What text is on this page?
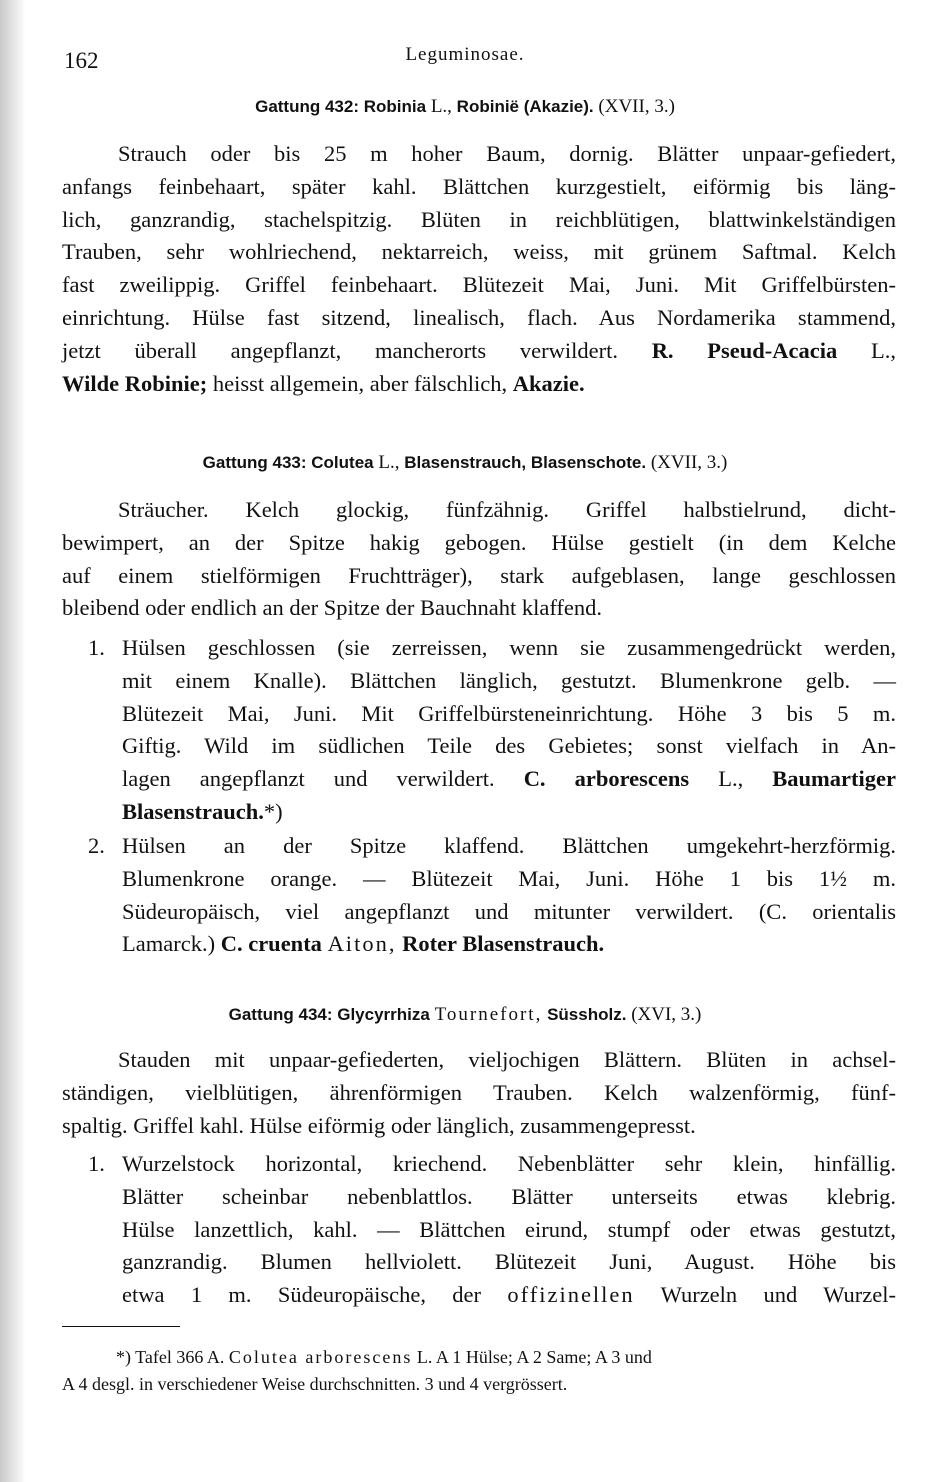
162	Leguminosae.
Gattung 432: Robinia L., Robiniё (Akazie). (XVII, 3.)
Strauch oder bis 25 m hoher Baum, dornig. Blätter unpaar-gefiedert,
anfangs feinbehaart, später kahl. Blättchen kurzgestielt, eiförmig bis läng-
lich, ganzrandig, stachelspitzig. Blüten in reichblütigen, blattwinkelständigen
Trauben, sehr wohlriechend, nektarreich, weiss, mit grünem Saftmal. Kelch
fast zweilippig. Griffel feinbehaart. Blütezeit Mai, Juni. Mit Griffelbürsten-
einrichtung. Hülse fast sitzend, linealisch, flach. Aus Nordamerika stammend,
jetzt überall angepflanzt, mancherorts verwildert. R. Pseud-Acacia L.,
Wilde Robinie; heisst allgemein, aber fälschlich, Akazie.
Gattung 433: Colutea L., Blasenstrauch, Blasenschote. (XVII, 3.)
Sträucher. Kelch glockig, fünfzähnig. Griffel halbstielrund, dicht-
bewimpert, an der Spitze hakig gebogen. Hülse gestielt (in dem Kelche
auf einem stielförmigen Fruchtträger), stark aufgeblasen, lange geschlossen
bleibend oder endlich an der Spitze der Bauchnaht klaffend.
1. Hülsen geschlossen (sie zerreissen, wenn sie zusammengedrückt werden,
mit einem Knalle). Blättchen länglich, gestutzt. Blumenkrone gelb. —
Blütezeit Mai, Juni. Mit Griffelbürsteneinrichtung. Höhe 3 bis 5 m.
Giftig. Wild im südlichen Teile des Gebietes; sonst vielfach in An-
lagen angepflanzt und verwildert. C. arborescens L., Baumartiger
Blasenstrauch.*)
2. Hülsen an der Spitze klaffend. Blättchen umgekehrt-herzförmig.
Blumenkrone orange. — Blütezeit Mai, Juni. Höhe 1 bis 1½ m.
Südeuropäisch, viel angepflanzt und mitunter verwildert. (C. orientalis
Lamarck.) C. cruenta Aiton, Roter Blasenstrauch.
Gattung 434: Glycyrrhiza Tournefort, Süssholz. (XVI, 3.)
Stauden mit unpaar-gefiederten, vieljochigen Blättern. Blüten in achsel-
ständigen, vielblütigen, ährenförmigen Trauben. Kelch walzenförmig, fünf-
spaltig. Griffel kahl. Hülse eiförmig oder länglich, zusammengepresst.
1. Wurzelstock horizontal, kriechend. Nebenblätter sehr klein, hinfällig.
Blätter scheinbar nebenblattlos. Blätter unterseits etwas klebrig.
Hülse lanzettlich, kahl. — Blättchen eirund, stumpf oder etwas gestutzt,
ganzrandig. Blumen hellviolett. Blütezeit Juni, August. Höhe bis
etwa 1 m. Südeuropäische, der offizinellen Wurzeln und Wurzel-
*) Tafel 366 A. Colutea arborescens L. A 1 Hülse; A 2 Same; A 3 und
A 4 desgl. in verschiedener Weise durchschnitten. 3 und 4 vergrössert.
